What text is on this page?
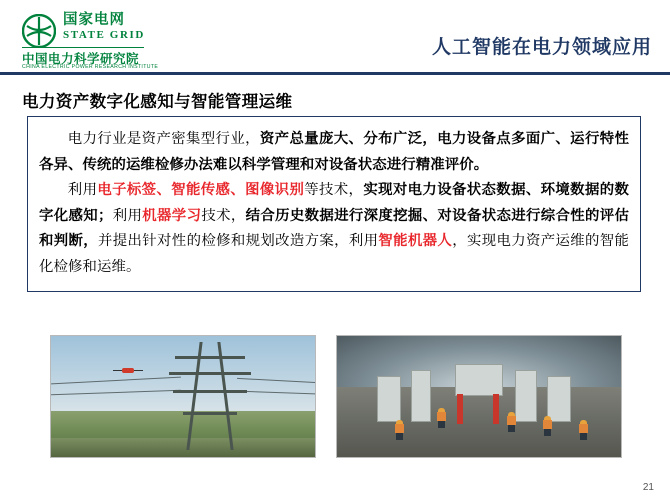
国家电网
STATE GRID
中国电力科学研究院
CHINA ELECTRIC POWER RESEARCH INSTITUTE
人工智能在电力领域应用
电力资产数字化感知与智能管理运维

电力行业是资产密集型行业，资产总量庞大、分布广泛，电力设备点多面广、运行特性各异、传统的运维检修办法难以科学管理和对设备状态进行精准评价。

利用电子标签、智能传感、图像识别等技术，实现对电力设备状态数据、环境数据的数字化感知；利用机器学习技术，结合历史数据进行深度挖掘、对设备状态进行综合性的评估和判断，并提出针对性的检修和规划改造方案，利用智能机器人，实现电力资产运维的智能化检修和运维。

21
